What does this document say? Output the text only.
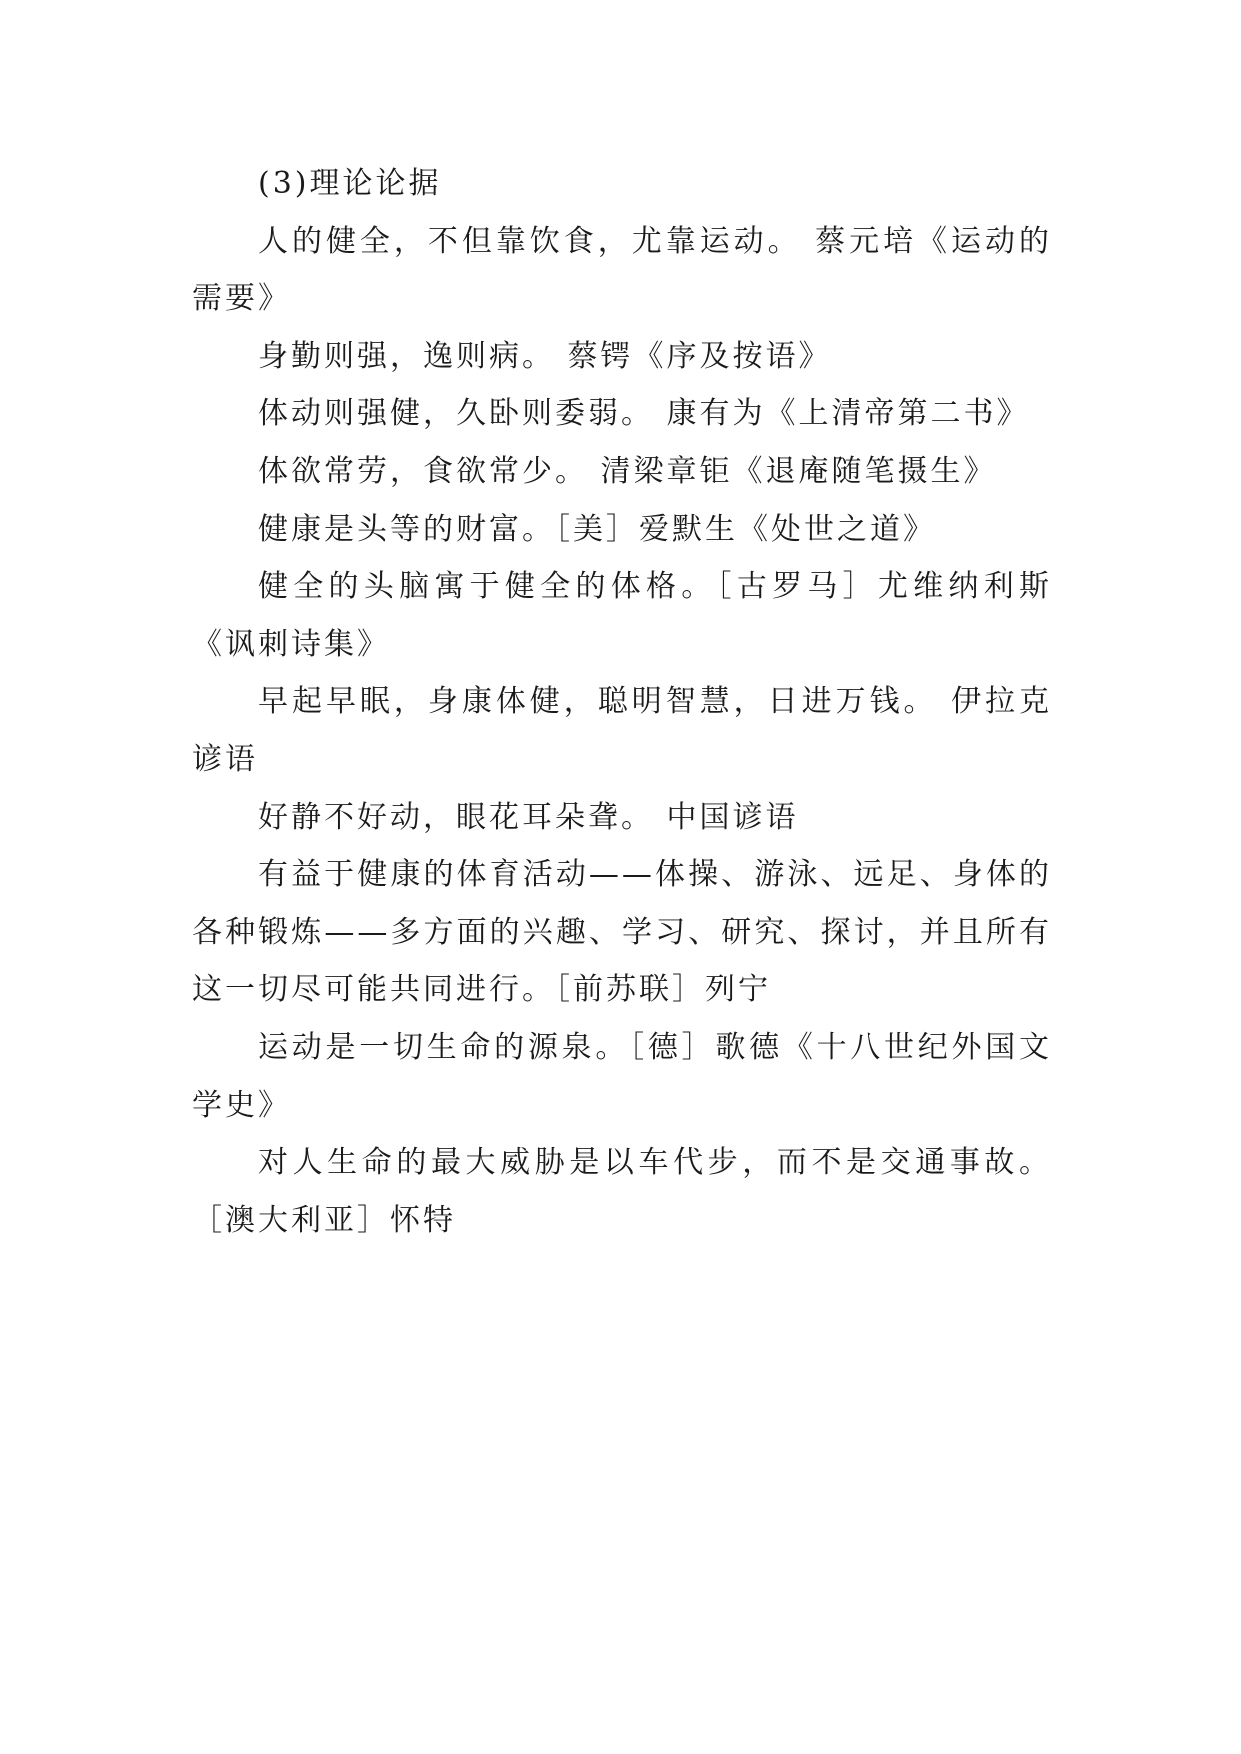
(3)理论论据

人的健全，不但靠饮食，尤靠运动。 蔡元培《运动的需要》

身勤则强，逸则病。 蔡锷《序及按语》

体动则强健，久卧则委弱。 康有为《上清帝第二书》

体欲常劳，食欲常少。 清梁章钜《退庵随笔摄生》

健康是头等的财富。［美］爱默生《处世之道》

健全的头脑寓于健全的体格。［古罗马］尤维纳利斯《讽刺诗集》

早起早眠，身康体健，聪明智慧，日进万钱。 伊拉克谚语

好静不好动，眼花耳朵聋。 中国谚语

有益于健康的体育活动——体操、游泳、远足、身体的各种锻炼——多方面的兴趣、学习、研究、探讨，并且所有这一切尽可能共同进行。［前苏联］列宁

运动是一切生命的源泉。［德］歌德《十八世纪外国文学史》

对人生命的最大威胁是以车代步，而不是交通事故。［澳大利亚］怀特
